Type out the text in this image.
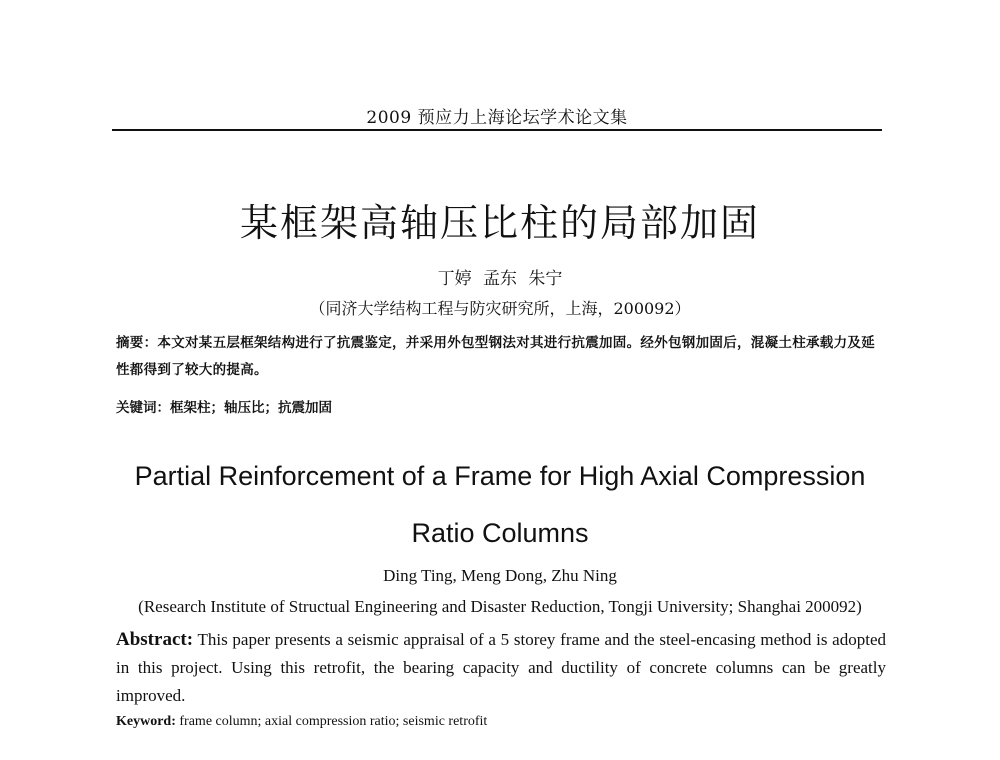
2009 预应力上海论坛学术论文集
某框架高轴压比柱的局部加固
丁婷 孟东 朱宁
（同济大学结构工程与防灾研究所，上海，200092）
摘要：本文对某五层框架结构进行了抗震鉴定，并采用外包型钢法对其进行抗震加固。经外包钢加固后，混凝土柱承载力及延性都得到了较大的提高。
关键词：框架柱；轴压比；抗震加固
Partial Reinforcement of a Frame for High Axial Compression
Ratio Columns
Ding Ting, Meng Dong, Zhu Ning
(Research Institute of Structual Engineering and Disaster Reduction, Tongji University; Shanghai 200092)
Abstract: This paper presents a seismic appraisal of a 5 storey frame and the steel-encasing method is adopted in this project. Using this retrofit, the bearing capacity and ductility of concrete columns can be greatly improved.
Keyword: frame column; axial compression ratio; seismic retrofit
